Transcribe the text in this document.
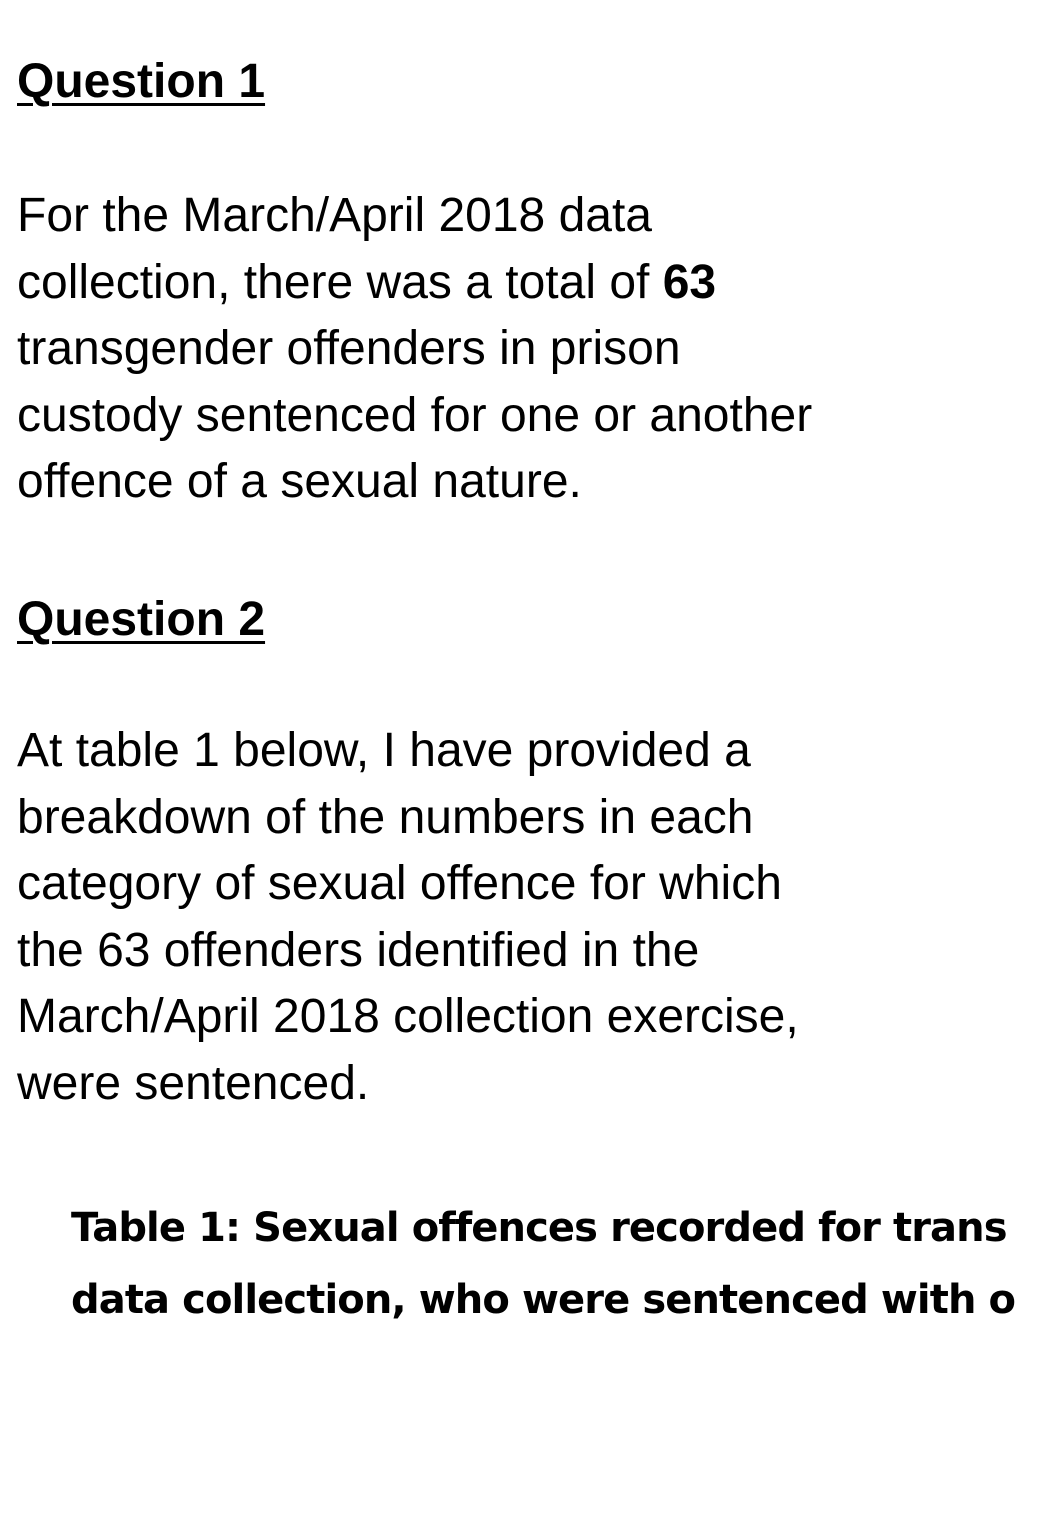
Question 1

For the March/April 2018 data
collection, there was a total of 63
transgender offenders in prison
custody sentenced for one or another
offence of a sexual nature.

Question 2

At table 1 below, I have provided a
breakdown of the numbers in each
category of sexual offence for which
the 63 offenders identified in the
March/April 2018 collection exercise,
were sentenced.

Table 1: Sexual offences recorded for trans
data collection, who were sentenced with o
